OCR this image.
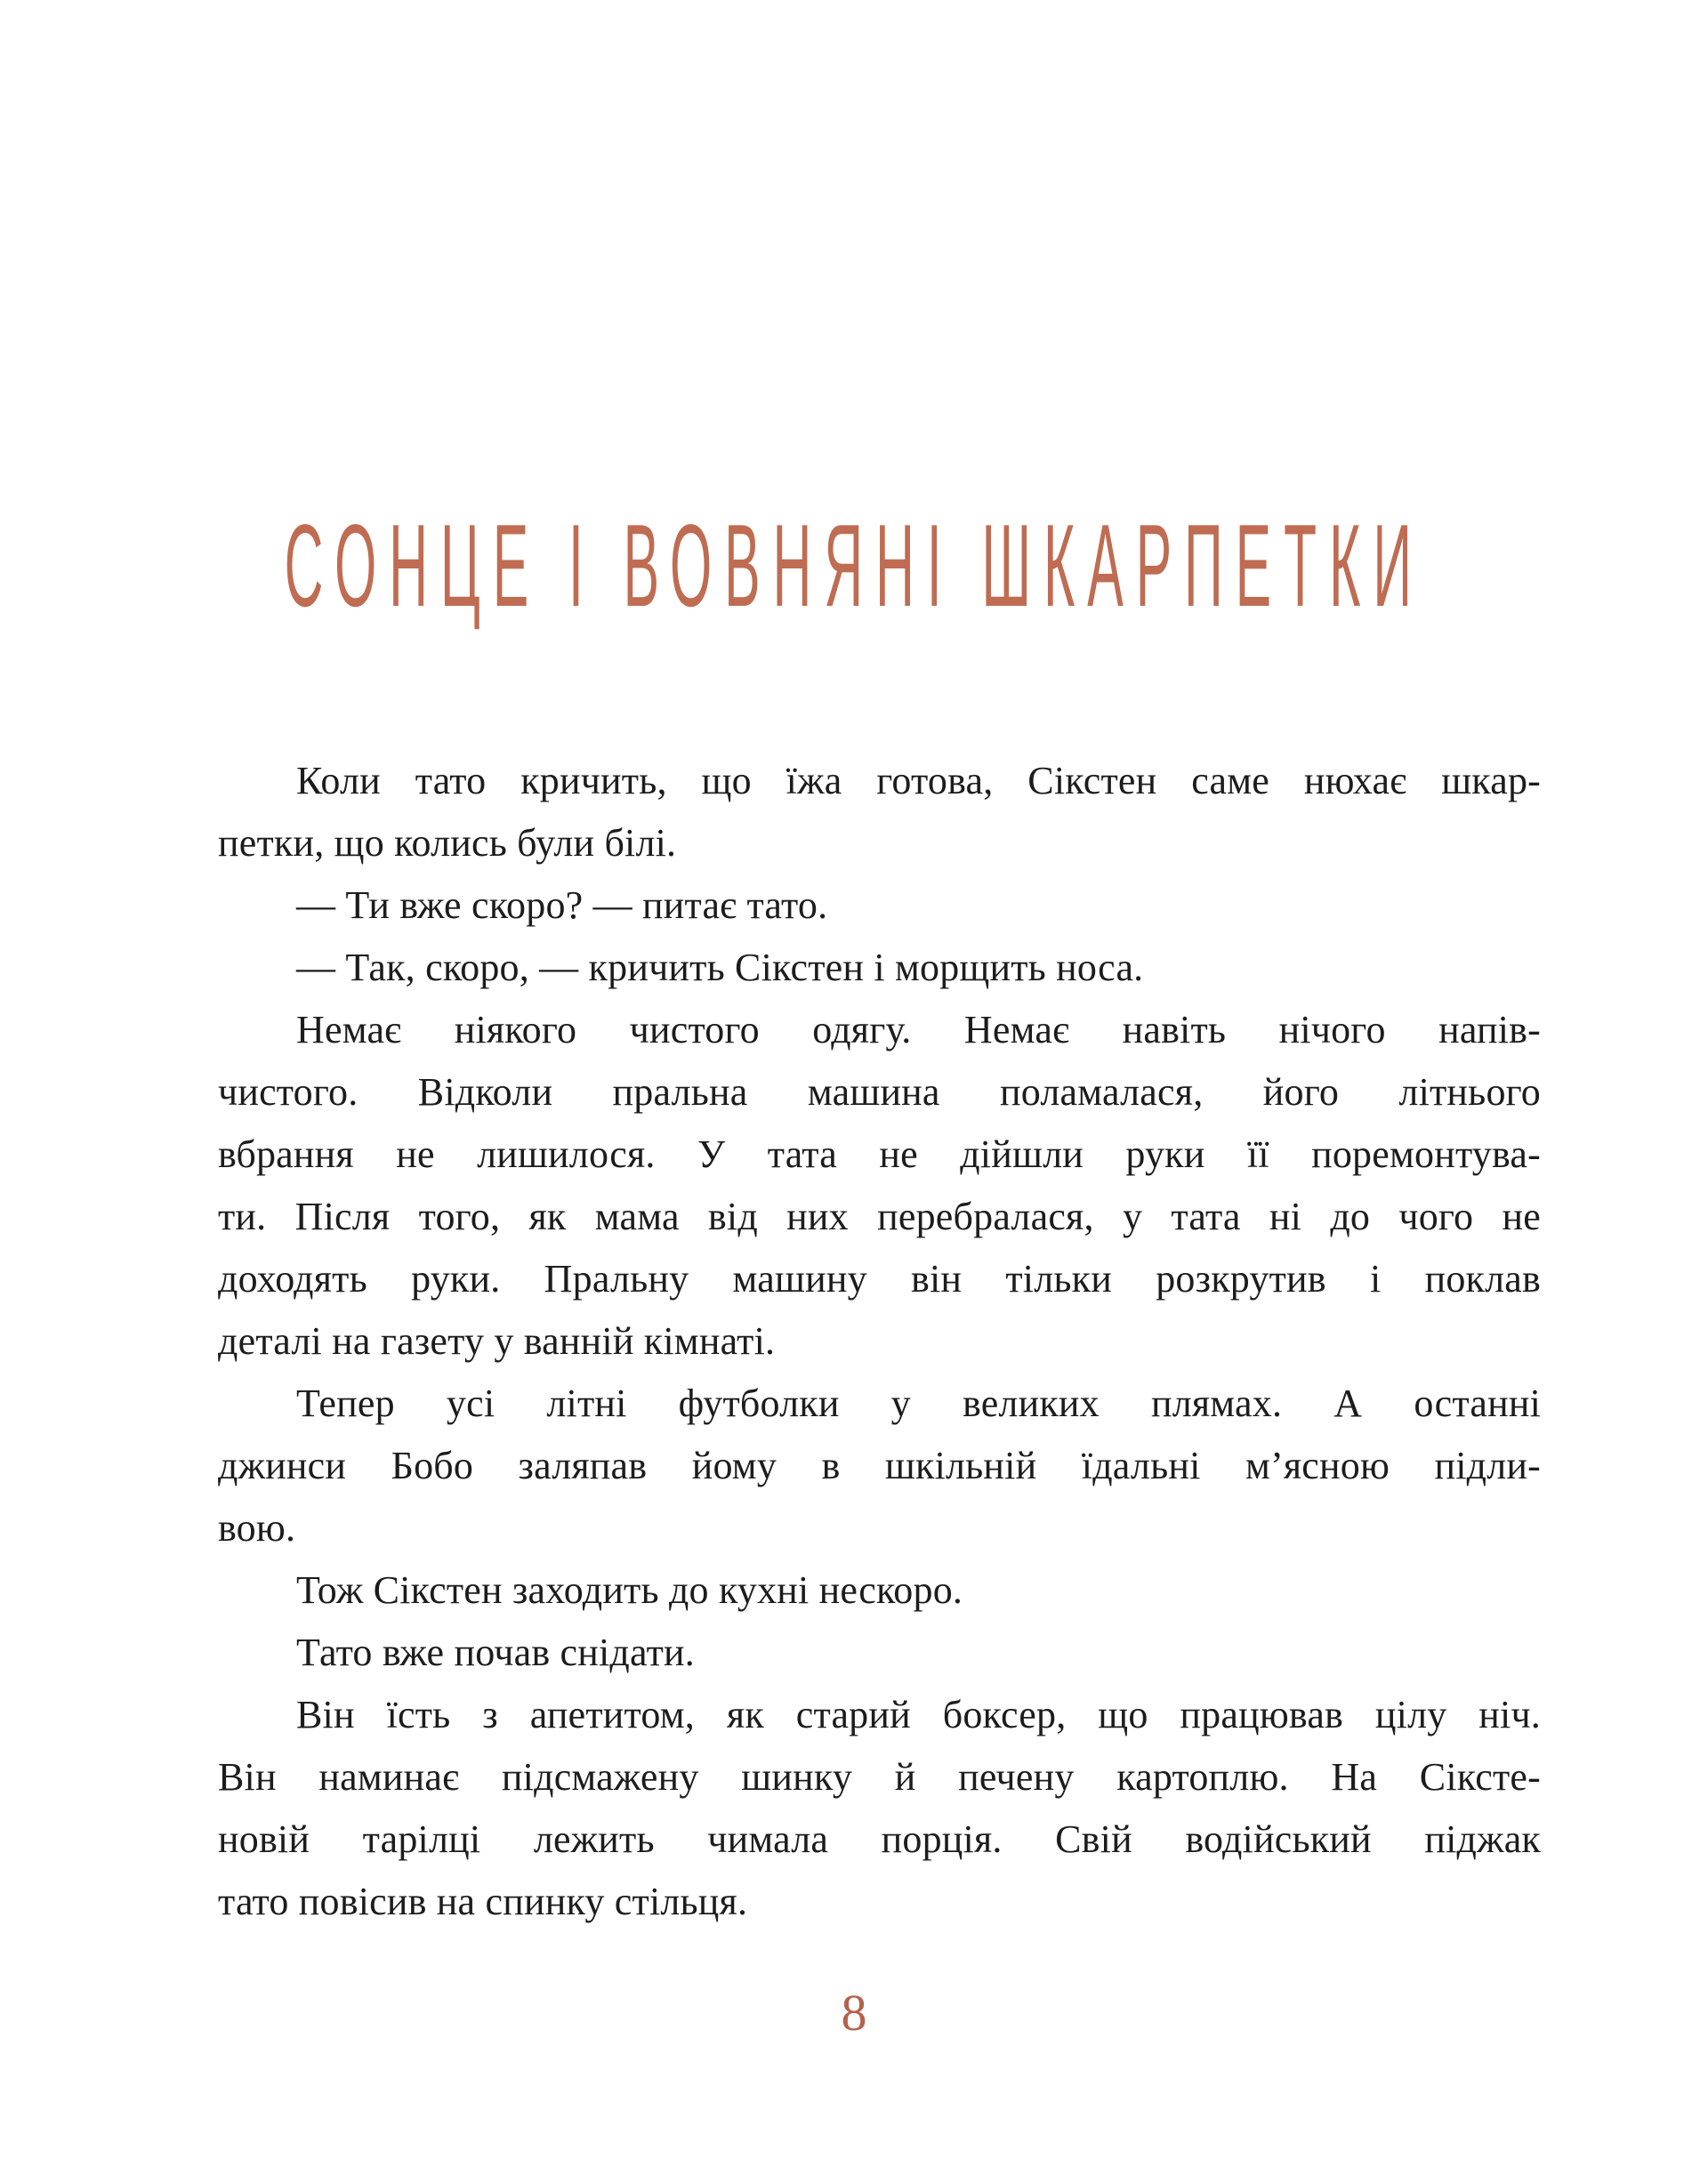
СОНЦЕ І ВОВНЯНІ ШКАРПЕТКИ
Коли тато кричить, що їжа готова, Сікстен саме нюхає шкар-
петки, що колись були білі.
— Ти вже скоро? — питає тато.
— Так, скоро, — кричить Сікстен і морщить носа.
Немає ніякого чистого одягу. Немає навіть нічого напів-
чистого. Відколи пральна машина поламалася, його літнього
вбрання не лишилося. У тата не дійшли руки її поремонтува-
ти. Після того, як мама від них перебралася, у тата ні до чого не
доходять руки. Пральну машину він тільки розкрутив і поклав
деталі на газету у ванній кімнаті.
Тепер усі літні футболки у великих плямах. А останні
джинси Бобо заляпав йому в шкільній їдальні м’ясною підли-
вою.
Тож Сікстен заходить до кухні нескоро.
Тато вже почав снідати.
Він їсть з апетитом, як старий боксер, що працював цілу ніч.
Він наминає підсмажену шинку й печену картоплю. На Сіксте-
новій тарілці лежить чимала порція. Свій водійський піджак
тато повісив на спинку стільця.
8
